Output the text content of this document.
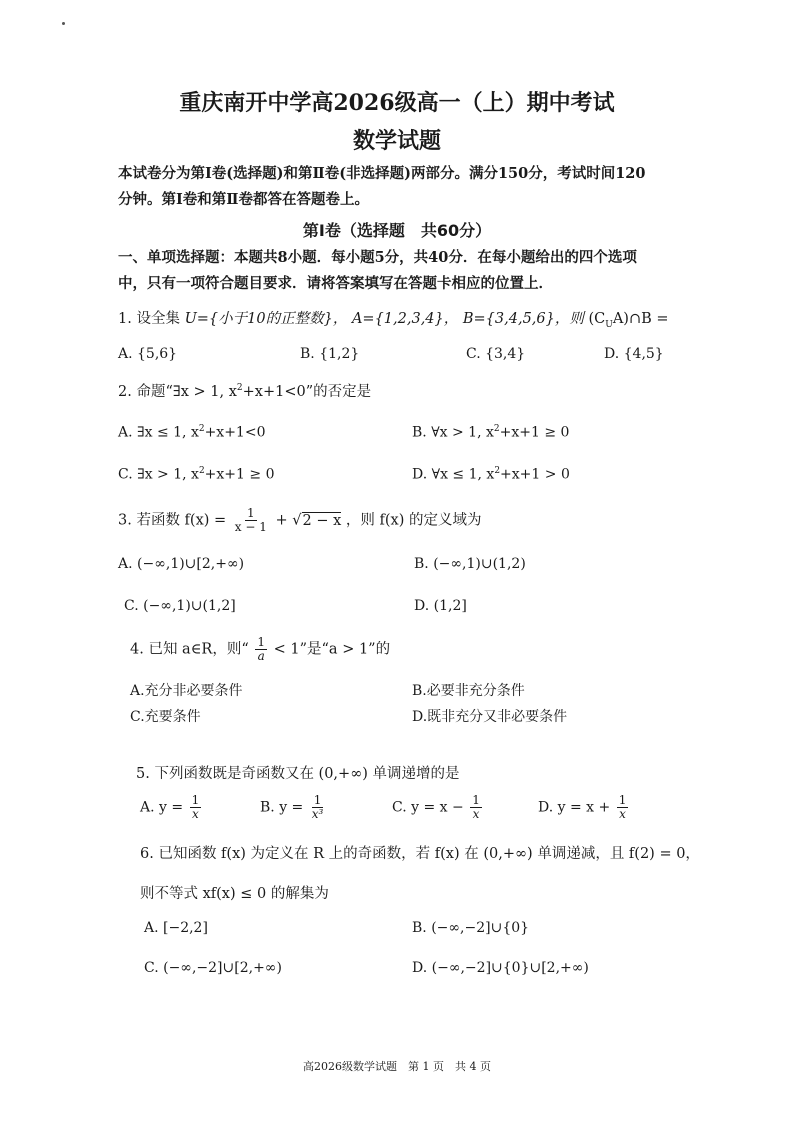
重庆南开中学高2026级高一（上）期中考试
数学试题
本试卷分为第Ⅰ卷(选择题)和第Ⅱ卷(非选择题)两部分。满分150分，考试时间120
分钟。第Ⅰ卷和第Ⅱ卷都答在答题卷上。
第Ⅰ卷（选择题　共60分）
一、单项选择题：本题共8小题．每小题5分，共40分．在每小题给出的四个选项
中，只有一项符合题目要求．请将答案填写在答题卡相应的位置上．
1. 设全集 U={小于10的正整数}， A={1,2,3,4}， B={3,4,5,6}，则 $(C_UA)\cap B$ =
A. {5,6}	B. {1,2}	C. {3,4}	D. {4,5}
2. 命题“∃x > 1, $x^2+x+1<0$”的否定是
A. ∃x ≤ 1, $x^2+x+1<0$	B. ∀x > 1, $x^2+x+1 \ge 0$
C. ∃x > 1, $x^2+x+1 \ge 0$	D. ∀x ≤ 1, $x^2+x+1 > 0$
3. 若函数 $f(x) = \frac{1}{x - 1} + √2 - x$ ，则 f(x) 的定义域为
A. (−∞,1)∪[2,+∞)	B. (−∞,1)∪(1,2)
C. (−∞,1)∪(1,2]	D. (1,2]
4. 已知 a∈R，则“ $\frac{1}{a} < 1$”是“a > 1”的
A.充分非必要条件	B.必要非充分条件
C.充要条件	D.既非充分又非必要条件
5. 下列函数既是奇函数又在 (0,+∞) 单调递增的是
A. $y = \frac{1}{x}$	B. $y = \frac{1}{\text{x³}}$	C. $y = x - \frac{1}{x}$	D. $y = x + \frac{1}{x}$
6. 已知函数 f(x) 为定义在 R 上的奇函数，若 f(x) 在 (0,+∞) 单调递减，且 f(2) = 0，
则不等式 xf(x) ≤ 0 的解集为
A. [−2,2]	B. (−∞,−2]∪{0}
C. (−∞,−2]∪[2,+∞)	D. (−∞,−2]∪{0}∪[2,+∞)
高2026级数学试题　第 1 页　共 4 页
